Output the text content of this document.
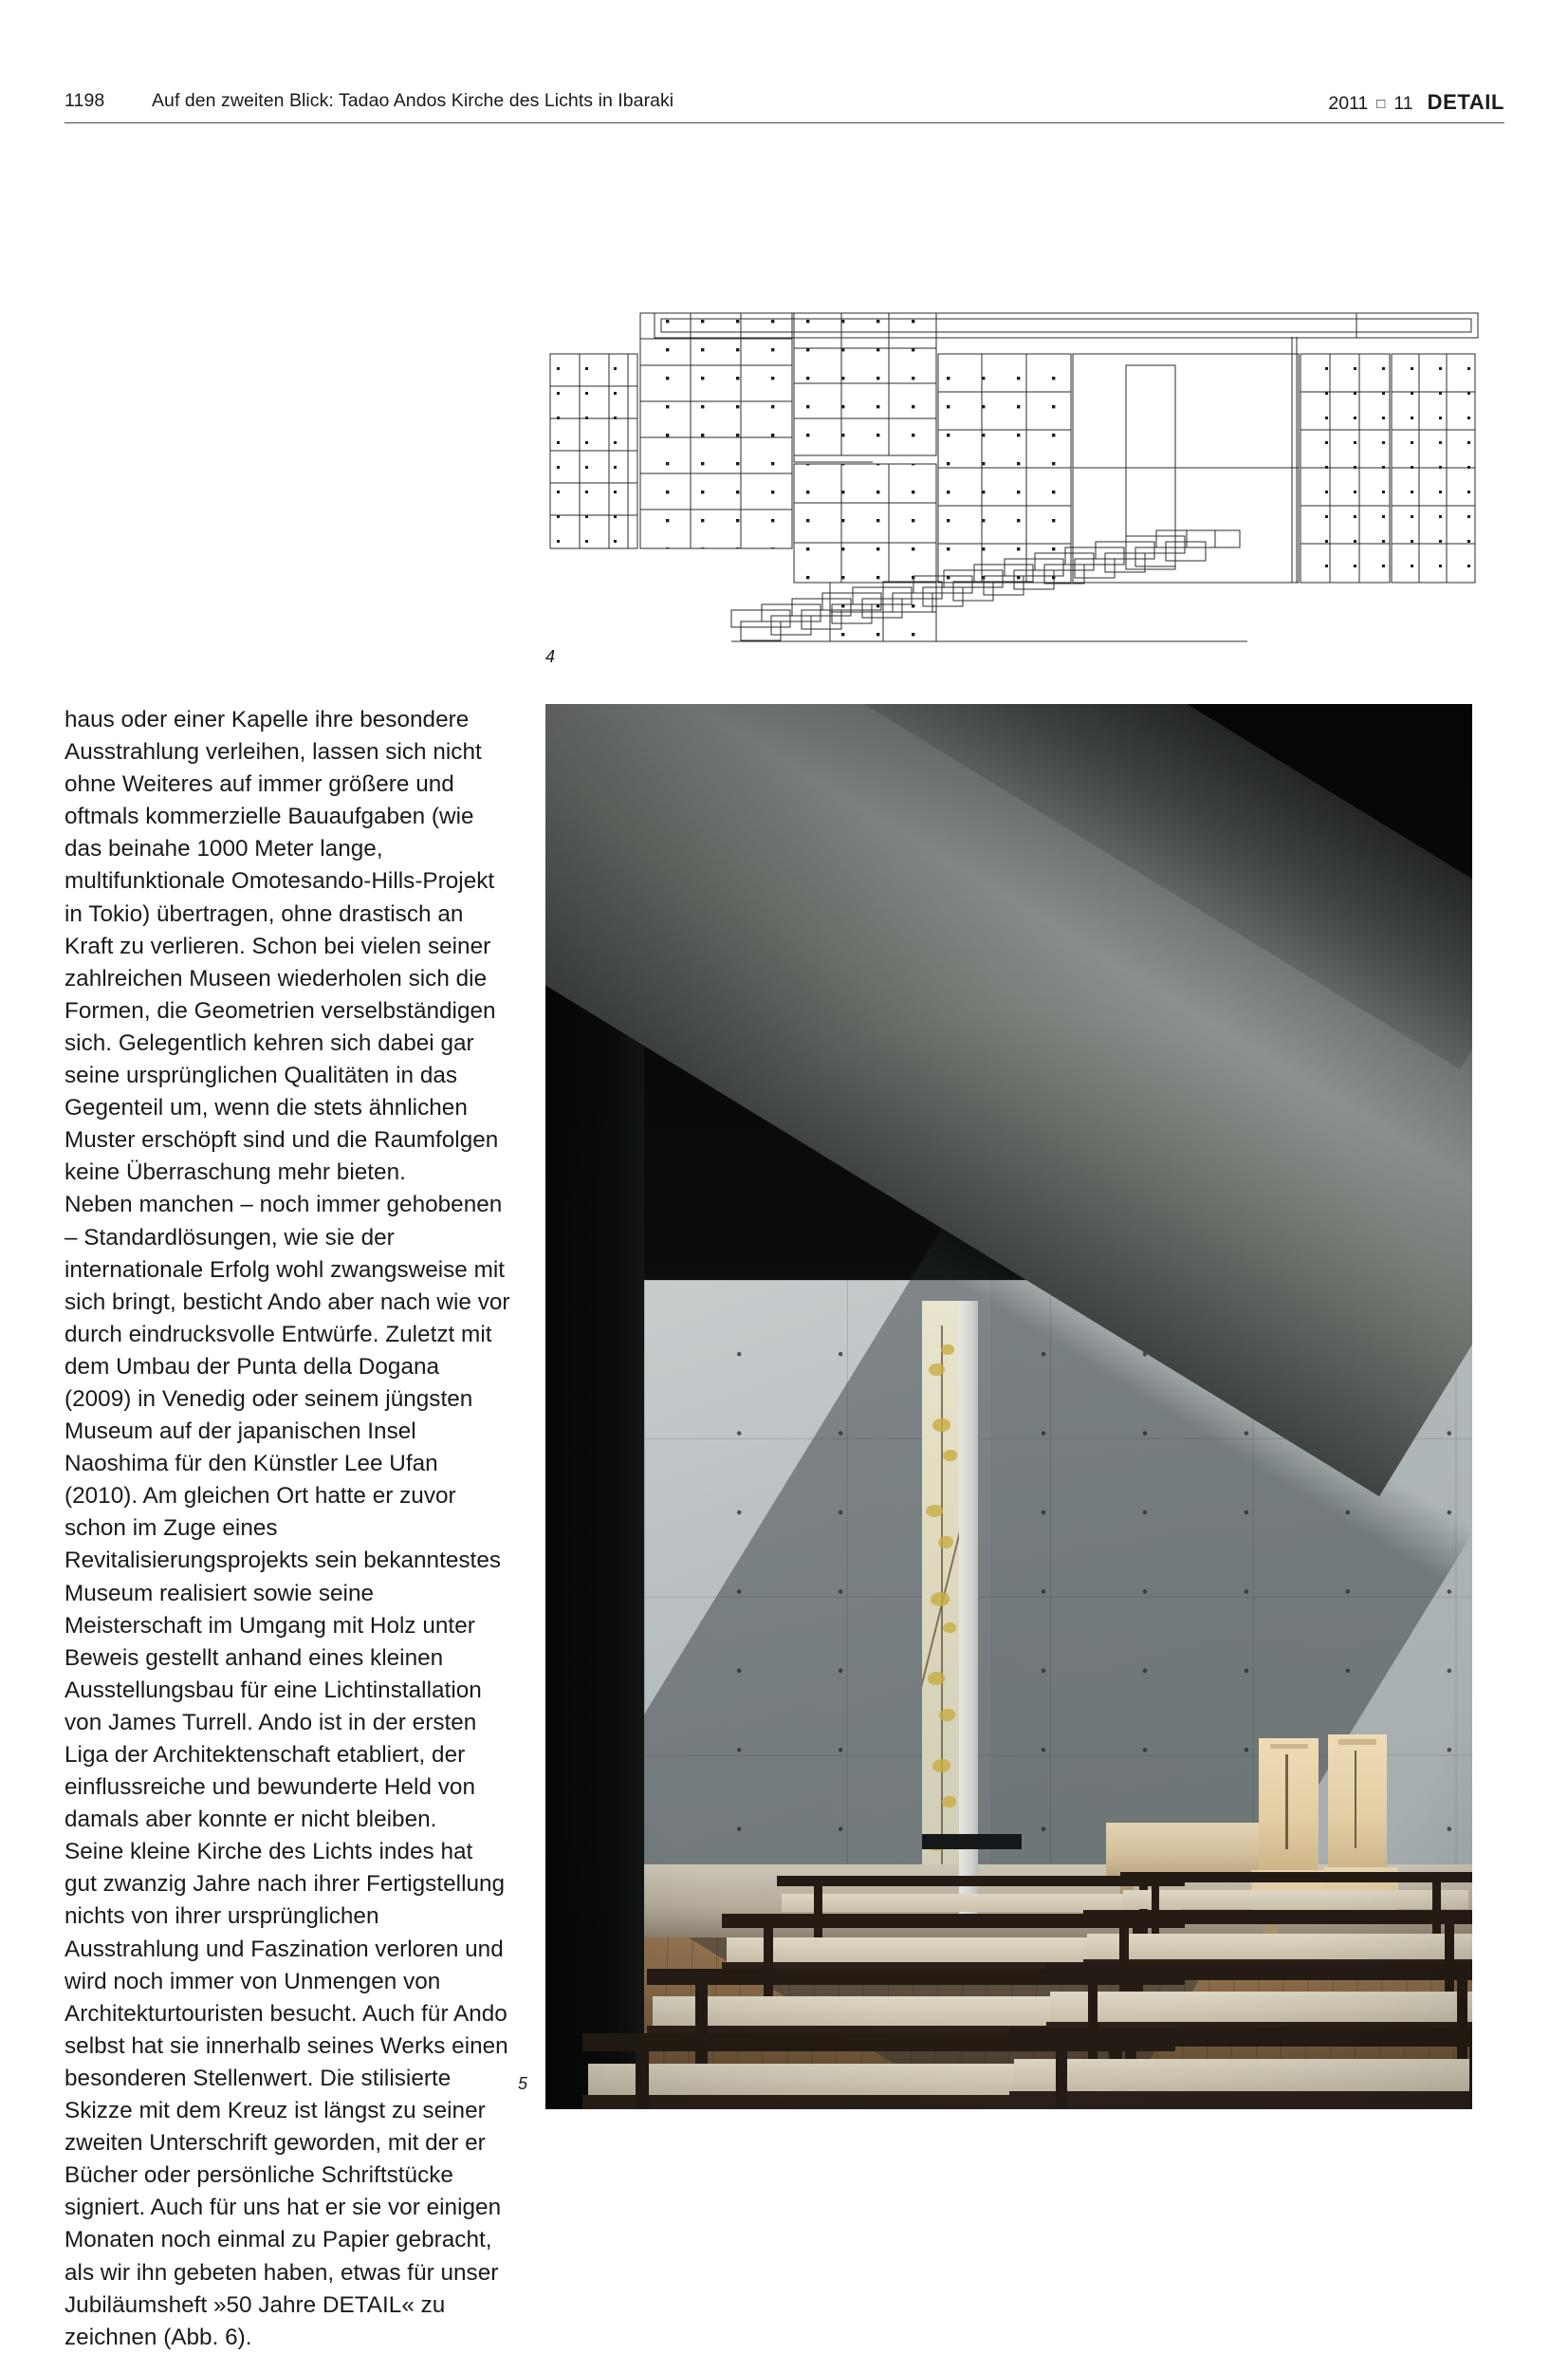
1198	Auf den zweiten Blick: Tadao Andos Kirche des Lichts in Ibaraki	2011 □ 11 DETAIL
4

haus oder einer Kapelle ihre besondere Ausstrahlung verleihen, lassen sich nicht ohne Weiteres auf immer größere und oftmals kommerzielle Bauaufgaben (wie das beinahe 1000 Meter lange, multifunktionale Omotesando-Hills-Projekt in Tokio) übertragen, ohne drastisch an Kraft zu verlieren. Schon bei vielen seiner zahlreichen Museen wiederholen sich die Formen, die Geometrien verselbständigen sich. Gelegentlich kehren sich dabei gar seine ursprünglichen Qualitäten in das Gegenteil um, wenn die stets ähnlichen Muster erschöpft sind und die Raumfolgen keine Überraschung mehr bieten.

Neben manchen – noch immer gehobenen – Standardlösungen, wie sie der internationale Erfolg wohl zwangsweise mit sich bringt, besticht Ando aber nach wie vor durch eindrucksvolle Entwürfe. Zuletzt mit dem Umbau der Punta della Dogana (2009) in Venedig oder seinem jüngsten Museum auf der japanischen Insel Naoshima für den Künstler Lee Ufan (2010). Am gleichen Ort hatte er zuvor schon im Zuge eines Revitalisierungsprojekts sein bekanntestes Museum realisiert sowie seine Meisterschaft im Umgang mit Holz unter Beweis gestellt anhand eines kleinen Ausstellungsbau für eine Lichtinstallation von James Turrell. Ando ist in der ersten Liga der Architektenschaft etabliert, der einflussreiche und bewunderte Held von damals aber konnte er nicht bleiben.

Seine kleine Kirche des Lichts indes hat gut zwanzig Jahre nach ihrer Fertigstellung nichts von ihrer ursprünglichen Ausstrahlung und Faszination verloren und wird noch immer von Unmengen von Architekturtouristen besucht. Auch für Ando selbst hat sie innerhalb seines Werks einen besonderen Stellenwert. Die stilisierte Skizze mit dem Kreuz ist längst zu seiner zweiten Unterschrift geworden, mit der er Bücher oder persönliche Schriftstücke signiert. Auch für uns hat er sie vor einigen Monaten noch einmal zu Papier gebracht, als wir ihn gebeten haben, etwas für unser Jubiläumsheft »50 Jahre DETAIL« zu zeichnen (Abb. 6).

5
